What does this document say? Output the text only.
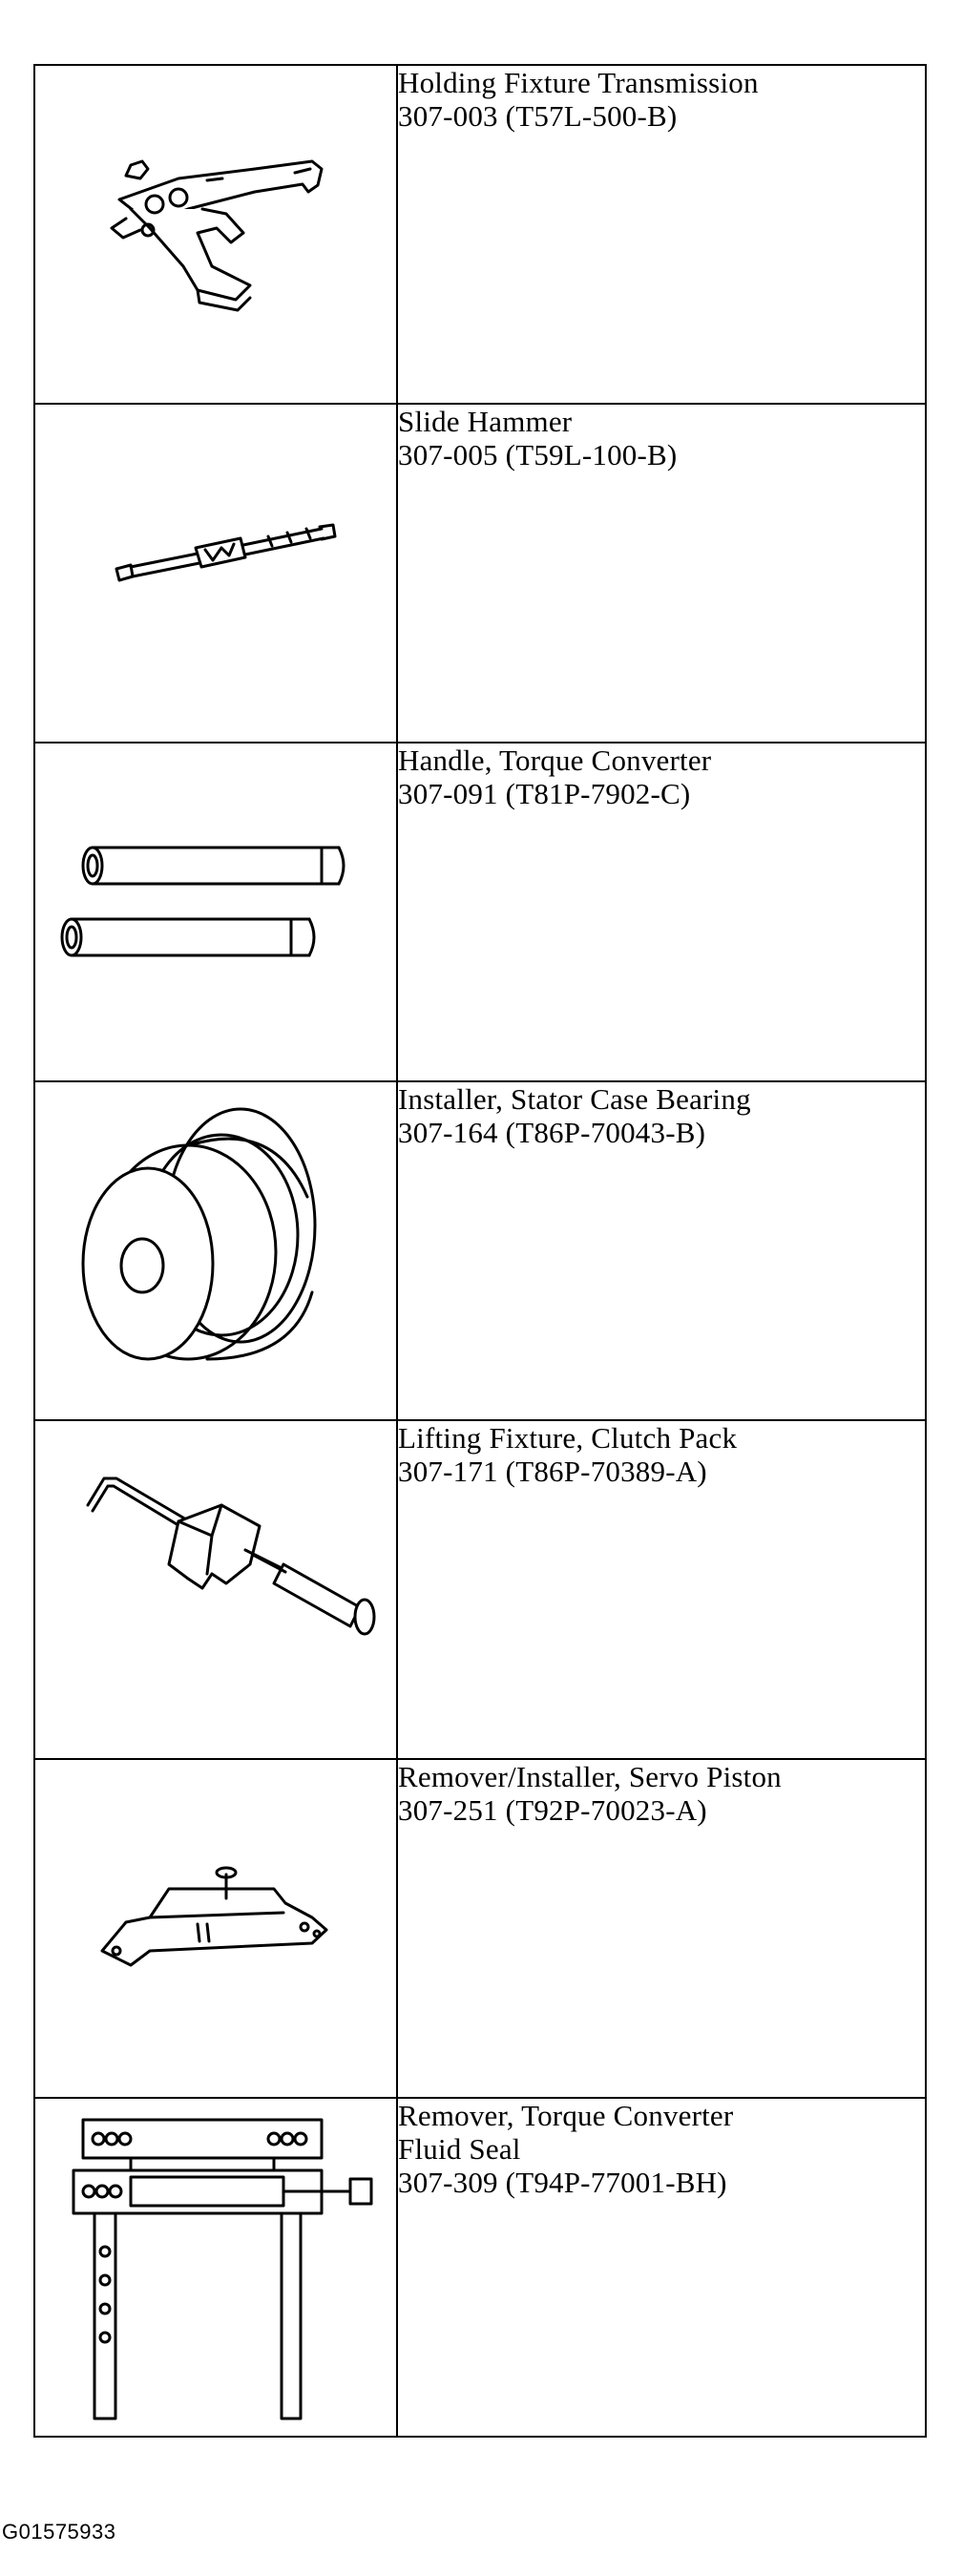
Holding Fixture Transmission
307-003 (T57L-500-B)

Slide Hammer
307-005 (T59L-100-B)

Handle, Torque Converter
307-091 (T81P-7902-C)

Installer, Stator Case Bearing
307-164 (T86P-70043-B)

Lifting Fixture, Clutch Pack
307-171 (T86P-70389-A)

Remover/Installer, Servo Piston
307-251 (T92P-70023-A)

Remover, Torque Converter
Fluid Seal
307-309 (T94P-77001-BH)
G01575933
